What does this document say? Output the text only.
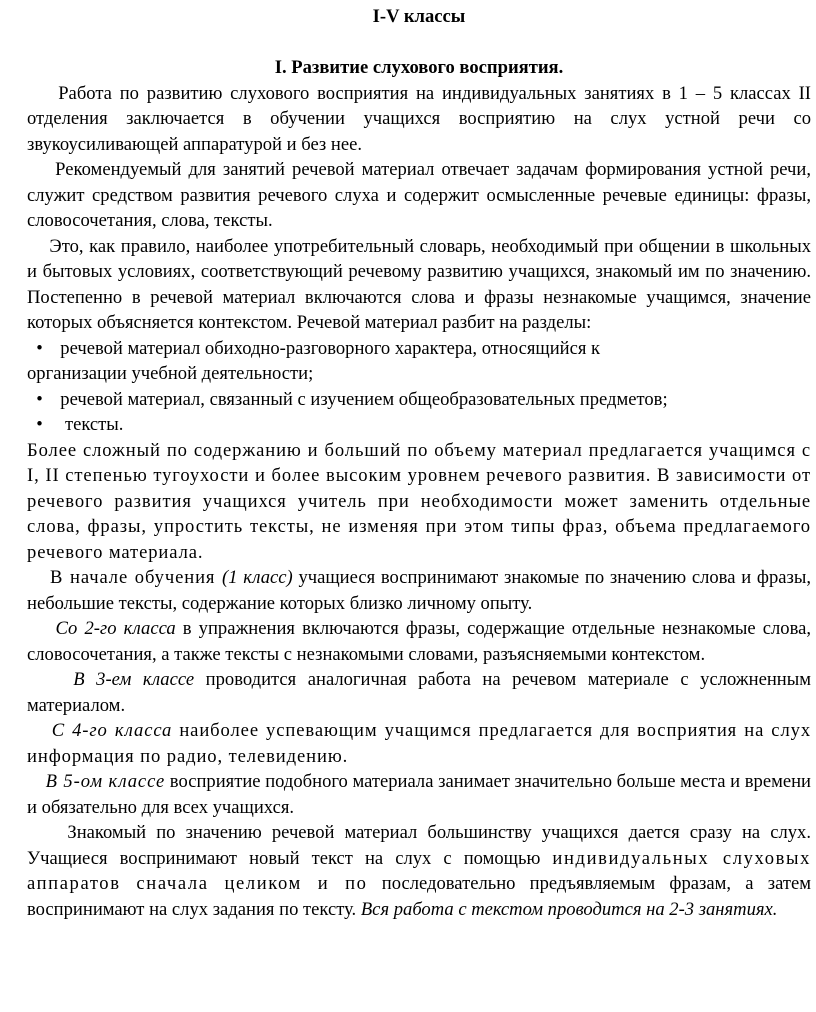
I-V классы
I. Развитие слухового восприятия.

Работа по развитию слухового восприятия на индивидуальных занятиях в 1 – 5 классах II отделения заключается в обучении учащихся восприятию на слух устной речи со звукоусиливающей аппаратурой и без нее.

Рекомендуемый для занятий речевой материал отвечает задачам формирования устной речи, служит средством развития речевого слуха и содержит осмысленные речевые единицы: фразы, словосочетания, слова, тексты.

Это, как правило, наиболее употребительный словарь, необходимый при общении в школьных и бытовых условиях, соответствующий речевому развитию учащихся, знакомый им по значению. Постепенно в речевой материал включаются слова и фразы незнакомые учащимся, значение которых объясняется контекстом. Речевой материал разбит на разделы:

• речевой материал обиходно-разговорного характера, относящийся к
организации учебной деятельности;
• речевой материал, связанный с изучением общеобразовательных предметов;
• тексты.

Более сложный по содержанию и больший по объему материал предлагается учащимся с I, II степенью тугоухости и более высоким уровнем речевого развития. В зависимости от речевого развития учащихся учитель при необходимости может заменить отдельные слова, фразы, упростить тексты, не изменяя при этом типы фраз, объема предлагаемого речевого материала.

В начале обучения (1 класс) учащиеся воспринимают знакомые по значению слова и фразы, небольшие тексты, содержание которых близко личному опыту.

Со 2-го класса в упражнения включаются фразы, содержащие отдельные незнакомые слова, словосочетания, а также тексты с незнакомыми словами, разъясняемыми контекстом.

В 3-ем классе проводится аналогичная работа на речевом материале с усложненным материалом.

С 4-го класса наиболее успевающим учащимся предлагается для восприятия на слух информация по радио, телевидению.

В 5-ом классе восприятие подобного материала занимает значительно больше места и времени и обязательно для всех учащихся.

Знакомый по значению речевой материал большинству учащихся дается сразу на слух. Учащиеся воспринимают новый текст на слух с помощью индивидуальных слуховых аппаратов сначала целиком и по последовательно предъявляемым фразам, а затем воспринимают на слух задания по тексту. Вся работа с текстом проводится на 2-3 занятиях.
